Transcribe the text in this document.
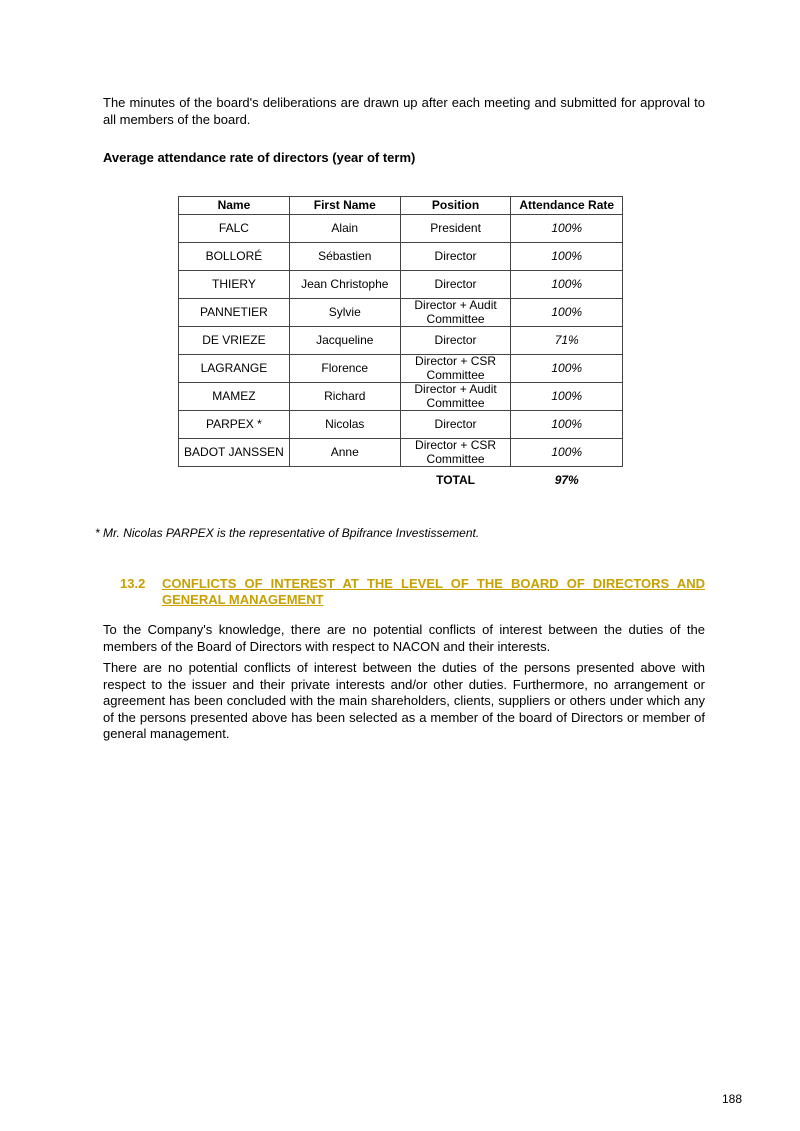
The minutes of the board's deliberations are drawn up after each meeting and submitted for approval to all members of the board.

Average attendance rate of directors (year of term)

Name	First Name	Position	Attendance Rate
FALC	Alain	President	100%
BOLLORÉ	Sébastien	Director	100%
THIERY	Jean Christophe	Director	100%
PANNETIER	Sylvie	Director + Audit Committee	100%
DE VRIEZE	Jacqueline	Director	71%
LAGRANGE	Florence	Director + CSR Committee	100%
MAMEZ	Richard	Director + Audit Committee	100%
PARPEX *	Nicolas	Director	100%
BADOT JANSSEN	Anne	Director + CSR Committee	100%
		TOTAL	97%

* Mr. Nicolas PARPEX is the representative of Bpifrance Investissement.

13.2 CONFLICTS OF INTEREST AT THE LEVEL OF THE BOARD OF DIRECTORS AND GENERAL MANAGEMENT

To the Company's knowledge, there are no potential conflicts of interest between the duties of the members of the Board of Directors with respect to NACON and their interests.

There are no potential conflicts of interest between the duties of the persons presented above with respect to the issuer and their private interests and/or other duties. Furthermore, no arrangement or agreement has been concluded with the main shareholders, clients, suppliers or others under which any of the persons presented above has been selected as a member of the board of Directors or member of general management.

188
